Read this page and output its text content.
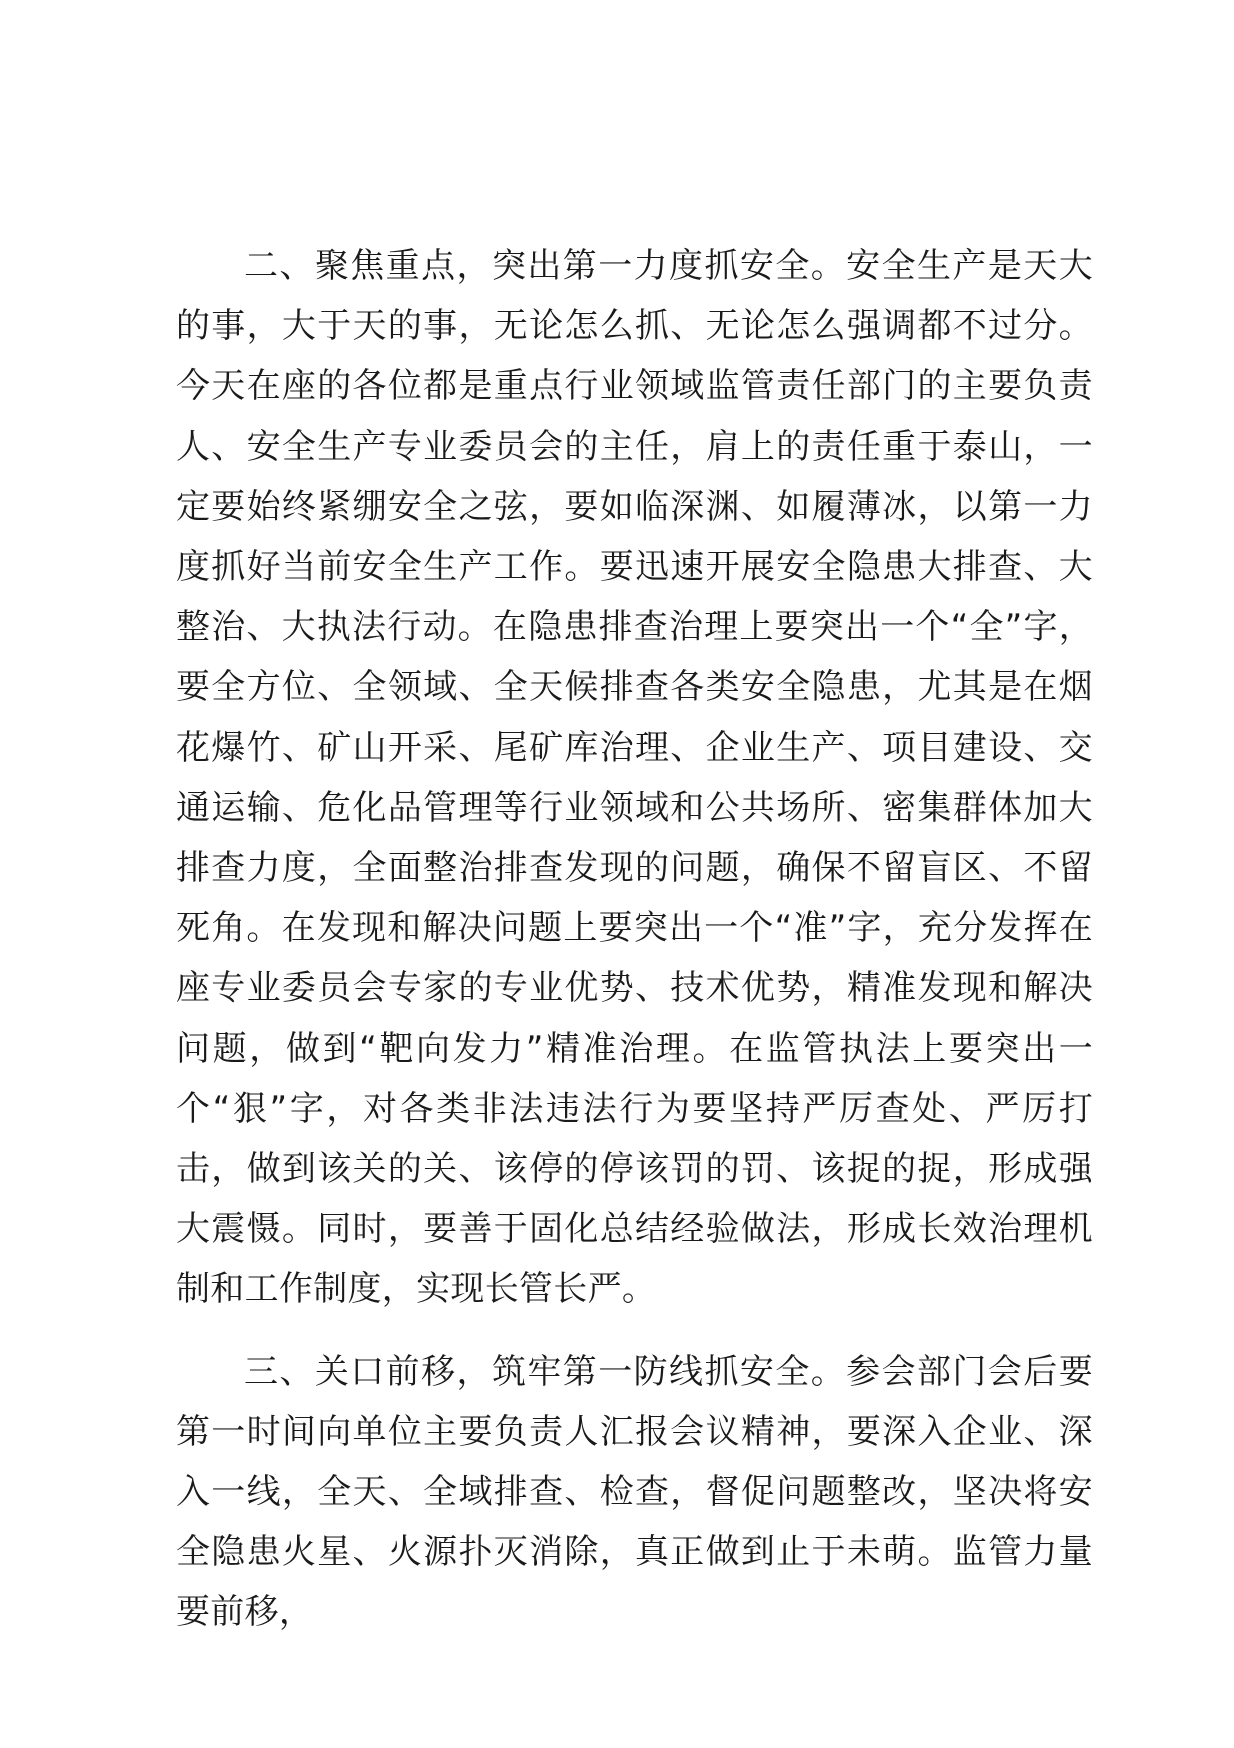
二、聚焦重点，突出第一力度抓安全。安全生产是天大的事，大于天的事，无论怎么抓、无论怎么强调都不过分。今天在座的各位都是重点行业领域监管责任部门的主要负责人、安全生产专业委员会的主任，肩上的责任重于泰山，一定要始终紧绷安全之弦，要如临深渊、如履薄冰，以第一力度抓好当前安全生产工作。要迅速开展安全隐患大排查、大整治、大执法行动。在隐患排查治理上要突出一个“全”字，要全方位、全领域、全天候排查各类安全隐患，尤其是在烟花爆竹、矿山开采、尾矿库治理、企业生产、项目建设、交通运输、危化品管理等行业领域和公共场所、密集群体加大排查力度，全面整治排查发现的问题，确保不留盲区、不留死角。在发现和解决问题上要突出一个“准”字，充分发挥在座专业委员会专家的专业优势、技术优势，精准发现和解决问题，做到“靶向发力”精准治理。在监管执法上要突出一个“狠”字，对各类非法违法行为要坚持严厉查处、严厉打击，做到该关的关、该停的停该罚的罚、该捉的捉，形成强大震慑。同时，要善于固化总结经验做法，形成长效治理机制和工作制度，实现长管长严。

三、关口前移，筑牢第一防线抓安全。参会部门会后要第一时间向单位主要负责人汇报会议精神，要深入企业、深入一线，全天、全域排查、检查，督促问题整改，坚决将安全隐患火星、火源扑灭消除，真正做到止于未萌。监管力量要前移，
